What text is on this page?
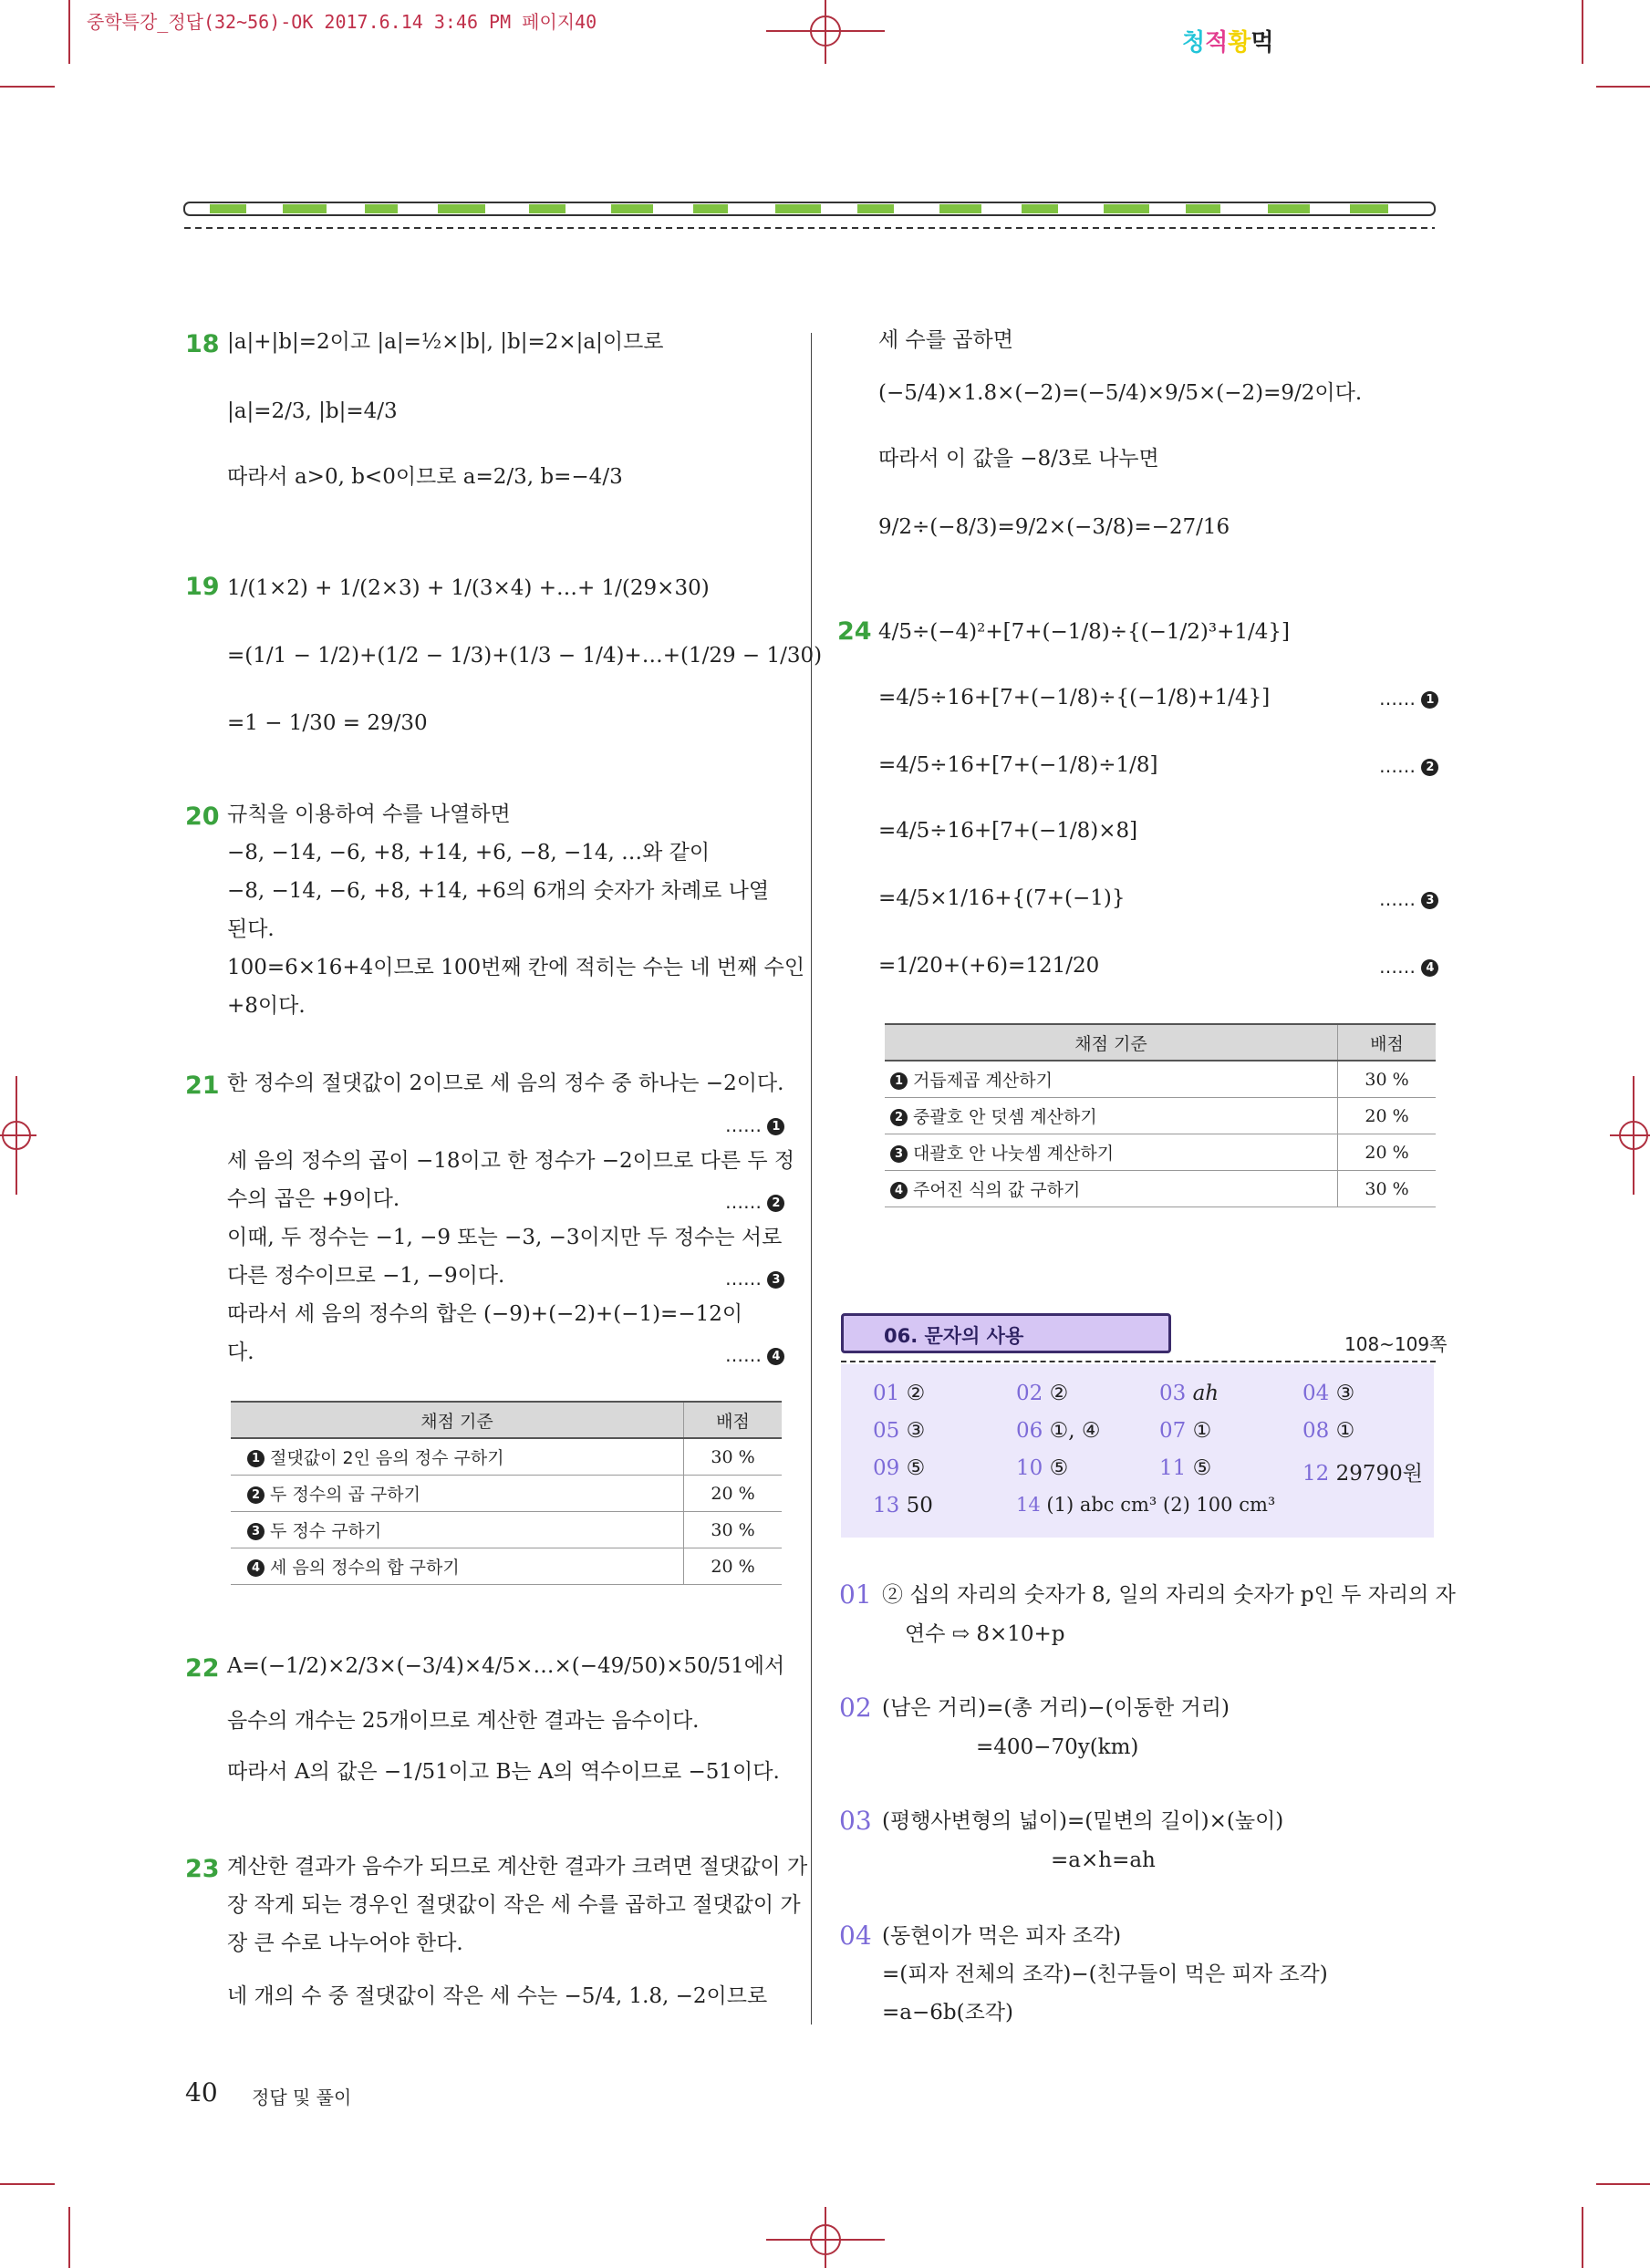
중학특강_정답(32~56)-OK 2017.6.14 3:46 PM 페이지40
청적황먹
18 |a|+|b|=2이고 |a|=½×|b|, |b|=2×|a|이므로
|a|=2/3, |b|=4/3
따라서 a>0, b<0이므로 a=2/3, b=−4/3
19 1/(1×2) + 1/(2×3) + 1/(3×4) +…+ 1/(29×30)
=(1/1 − 1/2)+(1/2 − 1/3)+(1/3 − 1/4)+…+(1/29 − 1/30)
=1 − 1/30 = 29/30
20 규칙을 이용하여 수를 나열하면
−8, −14, −6, +8, +14, +6, −8, −14, …와 같이
−8, −14, −6, +8, +14, +6의 6개의 숫자가 차례로 나열
된다.
100=6×16+4이므로 100번째 칸에 적히는 수는 네 번째 수인
+8이다.
21 한 정수의 절댓값이 2이므로 세 음의 정수 중 하나는 −2이다.
…… 1
세 음의 정수의 곱이 −18이고 한 정수가 −2이므로 다른 두 정
수의 곱은 +9이다.	…… 2
이때, 두 정수는 −1, −9 또는 −3, −3이지만 두 정수는 서로
다른 정수이므로 −1, −9이다.	…… 3
따라서 세 음의 정수의 합은 (−9)+(−2)+(−1)=−12이
다.	…… 4
채점 기준	배점
1 절댓값이 2인 음의 정수 구하기	30 %
2 두 정수의 곱 구하기	20 %
3 두 정수 구하기	30 %
4 세 음의 정수의 합 구하기	20 %
22 A=(−1/2)×2/3×(−3/4)×4/5×…×(−49/50)×50/51에서
음수의 개수는 25개이므로 계산한 결과는 음수이다.
따라서 A의 값은 −1/51이고 B는 A의 역수이므로 −51이다.
23 계산한 결과가 음수가 되므로 계산한 결과가 크려면 절댓값이 가
장 작게 되는 경우인 절댓값이 작은 세 수를 곱하고 절댓값이 가
장 큰 수로 나누어야 한다.
네 개의 수 중 절댓값이 작은 세 수는 −5/4, 1.8, −2이므로
세 수를 곱하면
(−5/4)×1.8×(−2)=(−5/4)×9/5×(−2)=9/2이다.
따라서 이 값을 −8/3로 나누면
9/2÷(−8/3)=9/2×(−3/8)=−27/16
24 4/5÷(−4)²+[7+(−1/8)÷{(−1/2)³+1/4}]
=4/5÷16+[7+(−1/8)÷{(−1/8)+1/4}]	…… 1
=4/5÷16+[7+(−1/8)÷1/8]	…… 2
=4/5÷16+[7+(−1/8)×8]
=4/5×1/16+{(7+(−1)}	…… 3
=1/20+(+6)=121/20	…… 4
채점 기준	배점
1 거듭제곱 계산하기	30 %
2 중괄호 안 덧셈 계산하기	20 %
3 대괄호 안 나눗셈 계산하기	20 %
4 주어진 식의 값 구하기	30 %
06. 문자의 사용	108~109쪽
01 ②	02 ②	03 ah	04 ③
05 ③	06 ①, ④	07 ①	08 ①
09 ⑤	10 ⑤	11 ⑤	12 29790원
13 50	14 (1) abc cm³ (2) 100 cm³
01 ② 십의 자리의 숫자가 8, 일의 자리의 숫자가 p인 두 자리의 자
연수 ⇨ 8×10+p
02 (남은 거리)=(총 거리)−(이동한 거리)
=400−70y(km)
03 (평행사변형의 넓이)=(밑변의 길이)×(높이)
=a×h=ah
04 (동현이가 먹은 피자 조각)
=(피자 전체의 조각)−(친구들이 먹은 피자 조각)
=a−6b(조각)
40 정답 및 풀이
